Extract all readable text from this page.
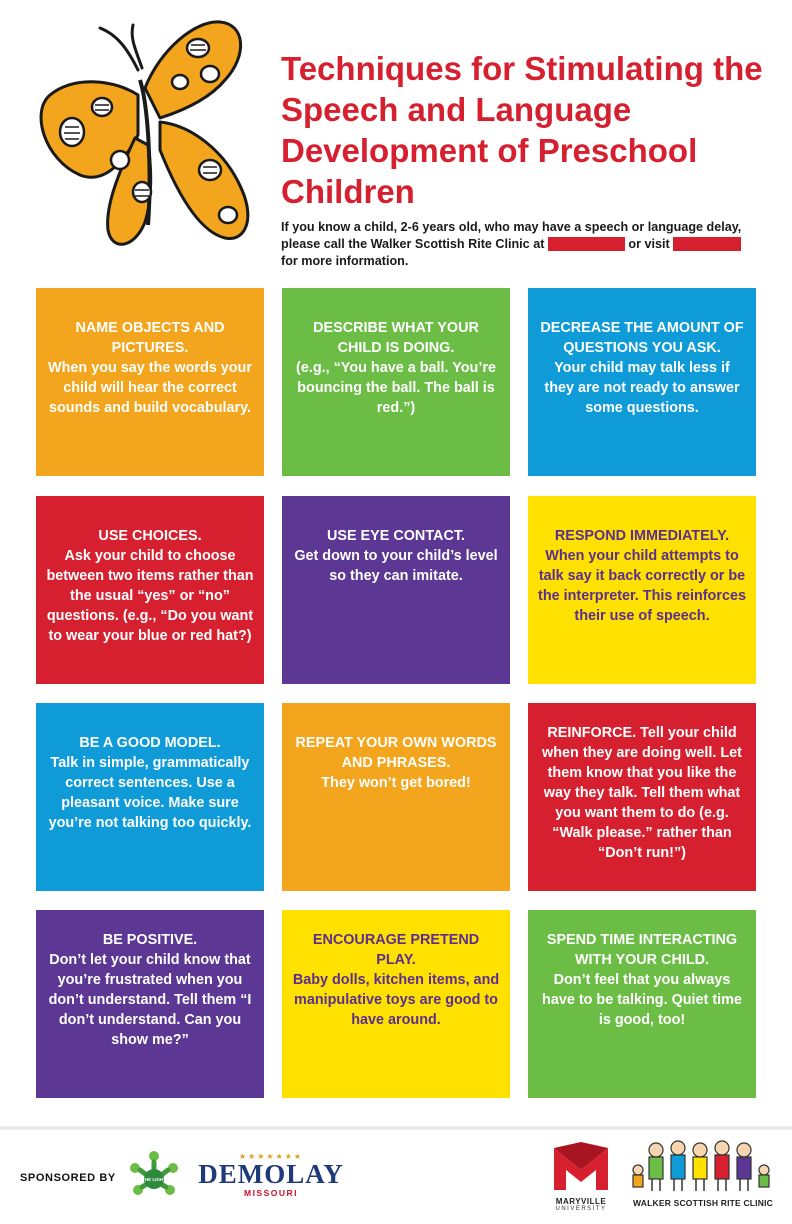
Techniques for Stimulating the Speech and Language Development of Preschool Children

If you know a child, 2-6 years old, who may have a speech or language delay, please call the Walker Scottish Rite Clinic at 314.529.9200 or visit srclinic.org for more information.

NAME OBJECTS AND PICTURES.
When you say the words your child will hear the correct sounds and build vocabulary.
DESCRIBE WHAT YOUR CHILD IS DOING.
(e.g., “You have a ball. You’re bouncing the ball. The ball is red.”)
DECREASE THE AMOUNT OF QUESTIONS YOU ASK.
Your child may talk less if they are not ready to answer some questions.
USE CHOICES.
Ask your child to choose between two items rather than the usual “yes” or “no” questions. (e.g., “Do you want to wear your blue or red hat?)
USE EYE CONTACT.
Get down to your child’s level so they can imitate.
RESPOND IMMEDIATELY.
When your child attempts to talk say it back correctly or be the interpreter. This reinforces their use of speech.
BE A GOOD MODEL.
Talk in simple, grammatically correct sentences. Use a pleasant voice. Make sure you’re not talking too quickly.
REPEAT YOUR OWN WORDS AND PHRASES.
They won’t get bored!
REINFORCE. Tell your child when they are doing well. Let them know that you like the way they talk. Tell them what you want them to do (e.g. “Walk please.” rather than “Don’t run!”)
BE POSITIVE.
Don’t let your child know that you’re frustrated when you don’t understand. Tell them “I don’t understand. Can you show me?”
ENCOURAGE PRETEND PLAY.
Baby dolls, kitchen items, and manipulative toys are good to have around.
SPEND TIME INTERACTING WITH YOUR CHILD.
Don’t feel that you always have to be talking. Quiet time is good, too!
SPONSORED BY	THE LIGHT
★★★★★★★
DEMOLAY
MISSOURI
MARYVILLE
UNIVERSITY
WALKER SCOTTISH RITE CLINIC
